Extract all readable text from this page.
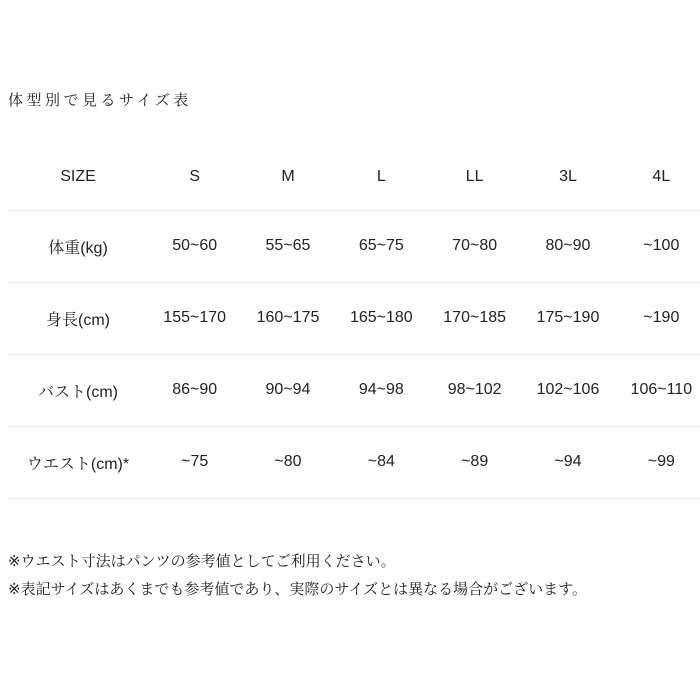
体型別で見るサイズ表
SIZE	S	M	L	LL	3L	4L
体重(kg)	50~60	55~65	65~75	70~80	80~90	~100
身長(cm)	155~170	160~175	165~180	170~185	175~190	~190
バスト(cm)	86~90	90~94	94~98	98~102	102~106	106~110
ウエスト(cm)*	~75	~80	~84	~89	~94	~99
※ウエスト寸法はパンツの参考値としてご利用ください。
※表記サイズはあくまでも参考値であり、実際のサイズとは異なる場合がございます。
